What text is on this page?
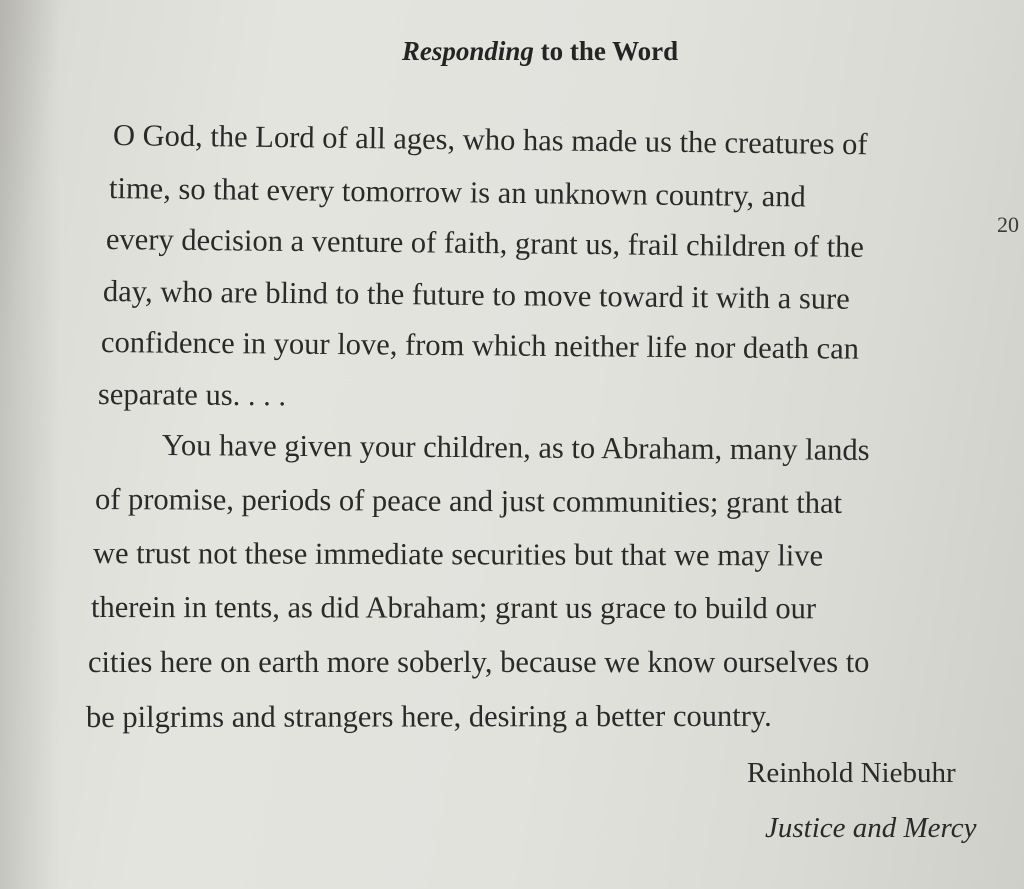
Responding to the Word
20
O God, the Lord of all ages, who has made us the creatures of
time, so that every tomorrow is an unknown country, and
every decision a venture of faith, grant us, frail children of the
day, who are blind to the future to move toward it with a sure
confidence in your love, from which neither life nor death can
separate us. . . .
You have given your children, as to Abraham, many lands
of promise, periods of peace and just communities; grant that
we trust not these immediate securities but that we may live
therein in tents, as did Abraham; grant us grace to build our
cities here on earth more soberly, because we know ourselves to
be pilgrims and strangers here, desiring a better country.
Reinhold Niebuhr
Justice and Mercy
